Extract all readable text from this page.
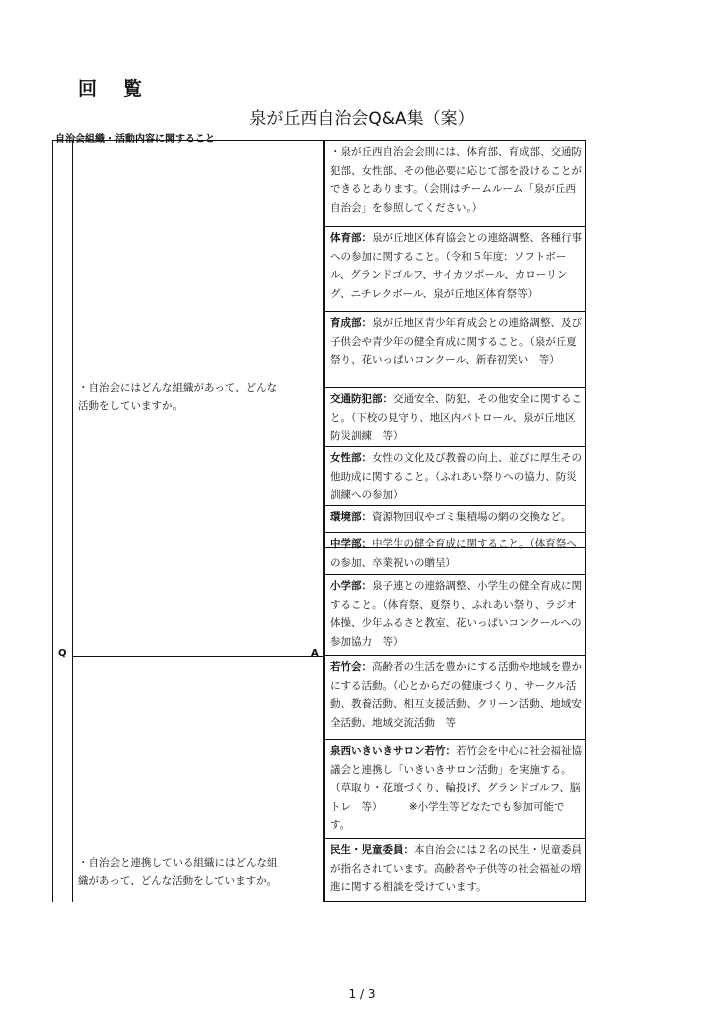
回覧
泉が丘西自治会Q&A集（案）
自治会組織・活動内容に関すること
Q	A
・自治会にはどんな組織があって、どんな活動をしていますか。
・自治会と連携している組織にはどんな組織があって、どんな活動をしていますか。
・泉が丘西自治会会則には、体育部、育成部、交通防犯部、女性部、その他必要に応じて部を設けることができるとあります。（会則はチームルーム「泉が丘西自治会」を参照してください。）
体育部：泉が丘地区体育協会との連絡調整、各種行事への参加に関すること。（令和５年度：ソフトボール、グランドゴルフ、サイカツボール、カローリング、ニチレクボール、泉が丘地区体育祭等）
育成部：泉が丘地区青少年育成会との連絡調整、及び子供会や青少年の健全育成に関すること。（泉が丘夏祭り、花いっぱいコンクール、新春初笑い　等）
交通防犯部：交通安全、防犯、その他安全に関すること。（下校の見守り、地区内パトロール、泉が丘地区防災訓練　等）
女性部：女性の文化及び教養の向上、並びに厚生その他助成に関すること。（ふれあい祭りへの協力、防災訓練への参加）
環境部：資源物回収やゴミ集積場の網の交換など。
中学部：中学生の健全育成に関すること。（体育祭への参加、卒業祝いの贈呈）
小学部：泉子連との連絡調整、小学生の健全育成に関すること。（体育祭、夏祭り、ふれあい祭り、ラジオ体操、少年ふるさと教室、花いっぱいコンクールへの参加協力　等）
若竹会：高齢者の生活を豊かにする活動や地域を豊かにする活動。（心とからだの健康づくり、サークル活動、教養活動、相互支援活動、クリーン活動、地域安全活動、地域交流活動　等
泉西いきいきサロン若竹：若竹会を中心に社会福祉協議会と連携し「いきいきサロン活動」を実施する。（草取り・花壇づくり、輪投げ、グランドゴルフ、脳トレ　等）　　　※小学生等どなたでも参加可能です。
民生・児童委員：本自治会には２名の民生・児童委員が指名されています。高齢者や子供等の社会福祉の増進に関する相談を受けています。
1 / 3
